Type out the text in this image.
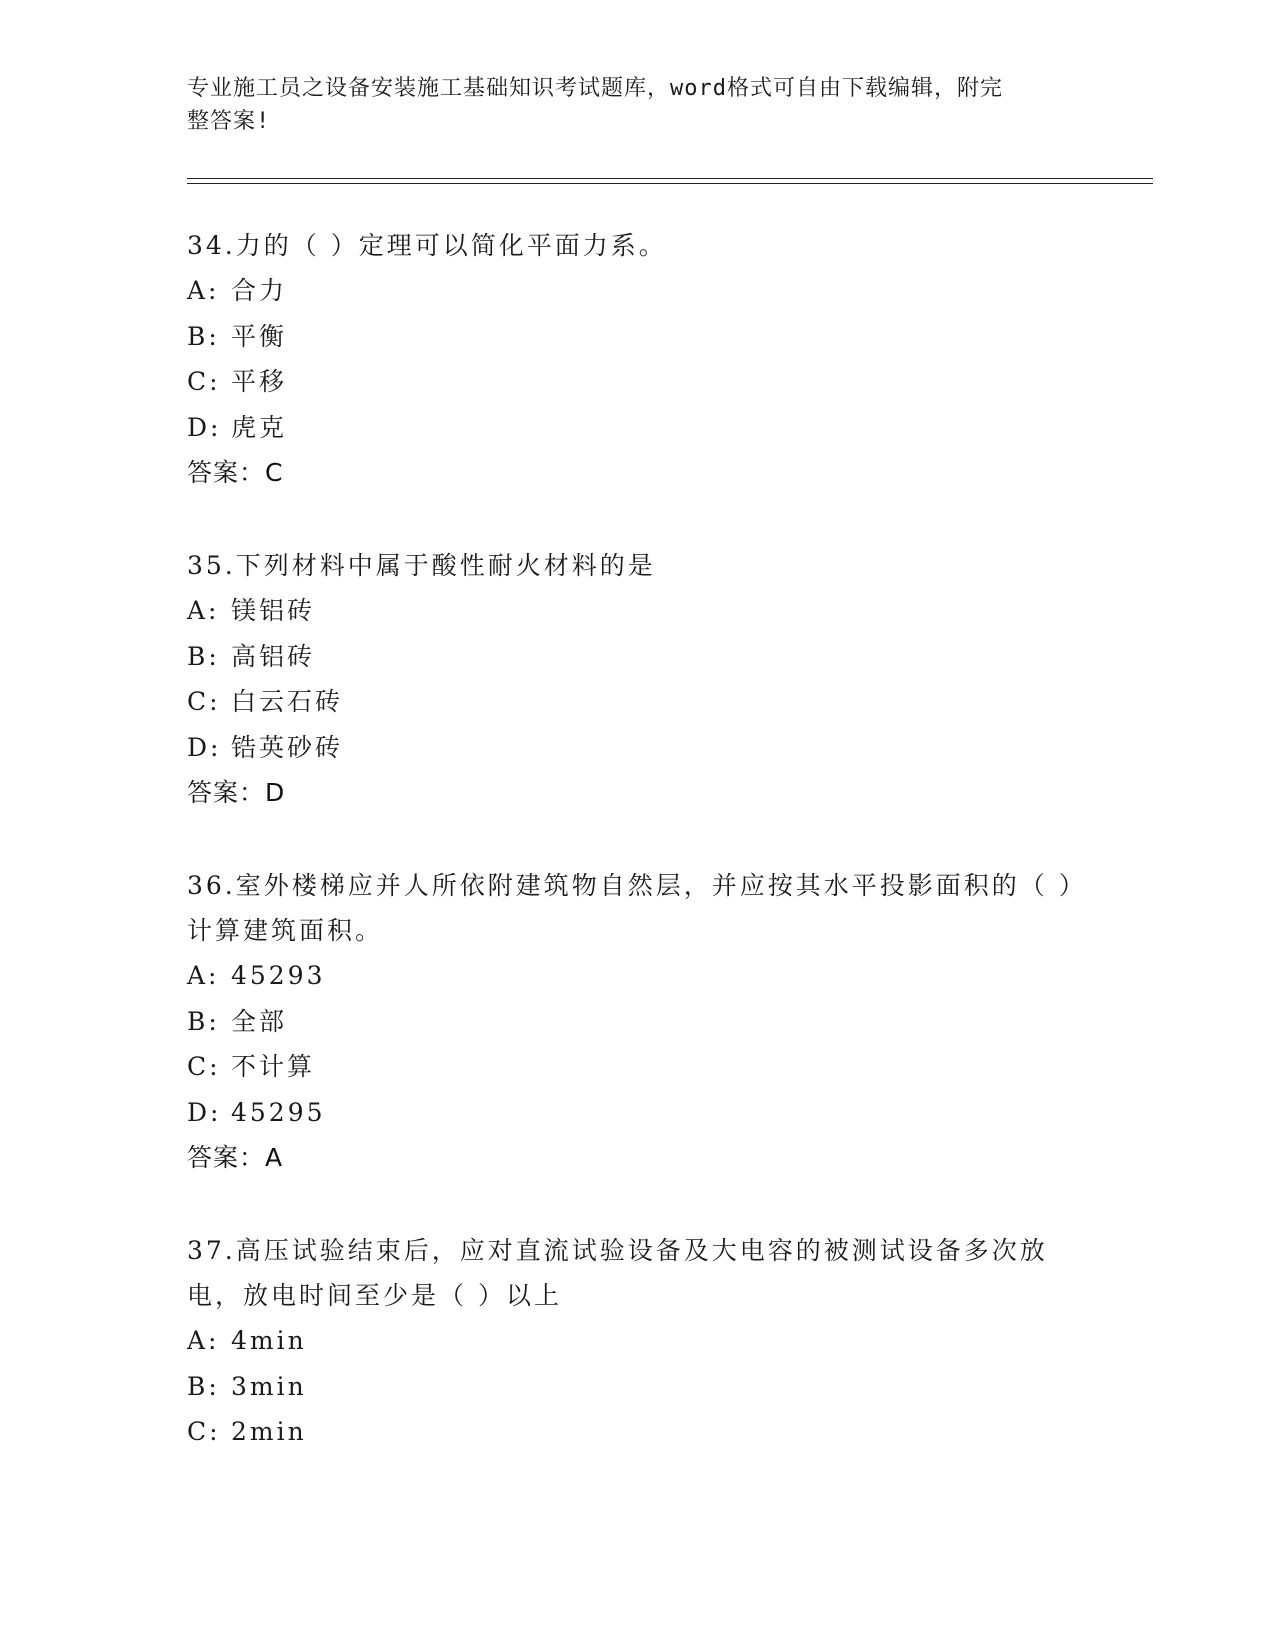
专业施工员之设备安装施工基础知识考试题库，word格式可自由下载编辑，附完
整答案!

34.力的（ ）定理可以简化平面力系。

A: 合力
B: 平衡
C: 平移
D: 虎克
答案：C

35.下列材料中属于酸性耐火材料的是

A: 镁铝砖
B: 高铝砖
C: 白云石砖
D: 锆英砂砖
答案：D

36.室外楼梯应并人所依附建筑物自然层，并应按其水平投影面积的（ ）计算建筑面积。

A: 45293
B: 全部
C: 不计算
D: 45295
答案：A

37.高压试验结束后，应对直流试验设备及大电容的被测试设备多次放电，放电时间至少是（ ）以上

A: 4min
B: 3min
C: 2min
